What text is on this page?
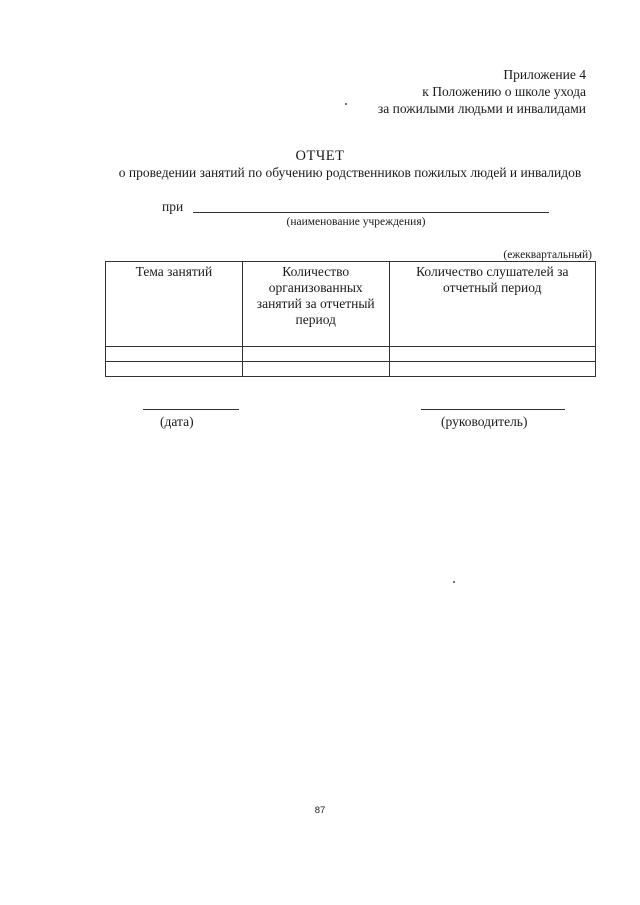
Приложение 4
к Положению о школе ухода
за пожилыми людьми и инвалидами
ОТЧЕТ
о проведении занятий по обучению родственников пожилых людей и инвалидов
при
(наименование учреждения)
(ежеквартальный)
Тема занятий	Количество организованных занятий за отчетный период	Количество слушателей за отчетный период

(дата)	(руководитель)
87
